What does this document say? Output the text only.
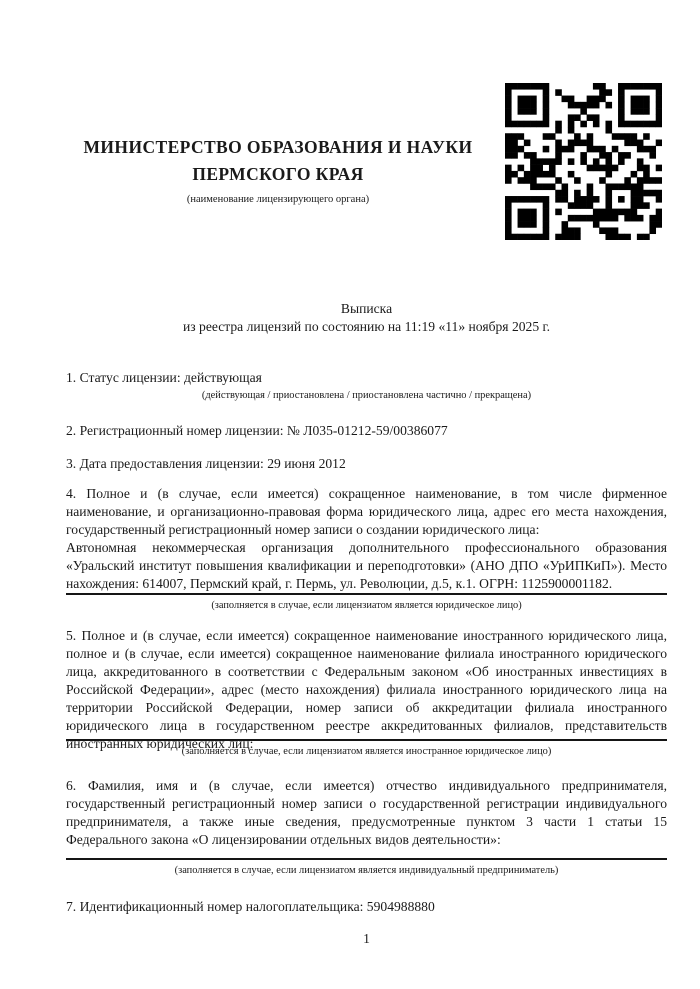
МИНИСТЕРСТВО ОБРАЗОВАНИЯ И НАУКИ
ПЕРМСКОГО КРАЯ
(наименование лицензирующего органа)
Выписка
из реестра лицензий по состоянию на 11:19 «11» ноября 2025 г.
1. Статус лицензии: действующая
(действующая / приостановлена / приостановлена частично / прекращена)
2. Регистрационный номер лицензии: № Л035-01212-59/00386077
3. Дата предоставления лицензии: 29 июня 2012

4. Полное и (в случае, если имеется) сокращенное наименование, в том числе фирменное наименование, и организационно-правовая форма юридического лица, адрес его места нахождения, государственный регистрационный номер записи о создании юридического лица:
Автономная некоммерческая организация дополнительного профессионального образования «Уральский институт повышения квалификации и переподготовки» (АНО ДПО «УрИПКиП»). Место нахождения: 614007, Пермский край, г. Пермь, ул. Революции, д.5, к.1. ОГРН: 1125900001182.

(заполняется в случае, если лицензиатом является юридическое лицо)

5. Полное и (в случае, если имеется) сокращенное наименование иностранного юридического лица, полное и (в случае, если имеется) сокращенное наименование филиала иностранного юридического лица, аккредитованного в соответствии с Федеральным законом «Об иностранных инвестициях в Российской Федерации», адрес (место нахождения) филиала иностранного юридического лица на территории Российской Федерации, номер записи об аккредитации филиала иностранного юридического лица в государственном реестре аккредитованных филиалов, представительств иностранных юридических лиц:

(заполняется в случае, если лицензиатом является иностранное юридическое лицо)

6. Фамилия, имя и (в случае, если имеется) отчество индивидуального предпринимателя, государственный регистрационный номер записи о государственной регистрации индивидуального предпринимателя, а также иные сведения, предусмотренные пунктом 3 части 1 статьи 15 Федерального закона «О лицензировании отдельных видов деятельности»:

(заполняется в случае, если лицензиатом является индивидуальный предприниматель)
7. Идентификационный номер налогоплательщика: 5904988880
1
